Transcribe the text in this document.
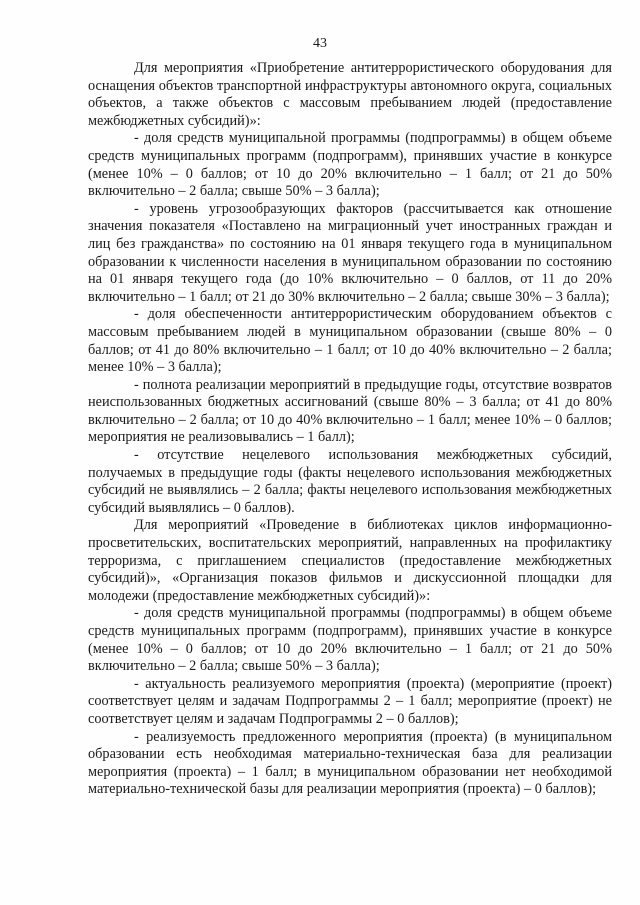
43

Для мероприятия «Приобретение антитеррористического оборудования для оснащения объектов транспортной инфраструктуры автономного округа, социальных объектов, а также объектов с массовым пребыванием людей (предоставление межбюджетных субсидий)»:

- доля средств муниципальной программы (подпрограммы) в общем объеме средств муниципальных программ (подпрограмм), принявших участие в конкурсе (менее 10% – 0 баллов; от 10 до 20% включительно – 1 балл; от 21 до 50% включительно – 2 балла; свыше 50% – 3 балла);

- уровень угрозообразующих факторов (рассчитывается как отношение значения показателя «Поставлено на миграционный учет иностранных граждан и лиц без гражданства» по состоянию на 01 января текущего года в муниципальном образовании к численности населения в муниципальном образовании по состоянию на 01 января текущего года (до 10% включительно – 0 баллов, от 11 до 20% включительно – 1 балл; от 21 до 30% включительно – 2 балла; свыше 30% – 3 балла);

- доля обеспеченности антитеррористическим оборудованием объектов с массовым пребыванием людей в муниципальном образовании (свыше 80% – 0 баллов; от 41 до 80% включительно – 1 балл; от 10 до 40% включительно – 2 балла; менее 10% – 3 балла);

- полнота реализации мероприятий в предыдущие годы, отсутствие возвратов неиспользованных бюджетных ассигнований (свыше 80% – 3 балла; от 41 до 80% включительно – 2 балла; от 10 до 40% включительно – 1 балл; менее 10% – 0 баллов; мероприятия не реализовывались – 1 балл);

- отсутствие нецелевого использования межбюджетных субсидий, получаемых в предыдущие годы (факты нецелевого использования межбюджетных субсидий не выявлялись – 2 балла; факты нецелевого использования межбюджетных субсидий выявлялись – 0 баллов).

Для мероприятий «Проведение в библиотеках циклов информационно-просветительских, воспитательских мероприятий, направленных на профилактику терроризма, с приглашением специалистов (предоставление межбюджетных субсидий)», «Организация показов фильмов и дискуссионной площадки для молодежи (предоставление межбюджетных субсидий)»:

- доля средств муниципальной программы (подпрограммы) в общем объеме средств муниципальных программ (подпрограмм), принявших участие в конкурсе (менее 10% – 0 баллов; от 10 до 20% включительно – 1 балл; от 21 до 50% включительно – 2 балла; свыше 50% – 3 балла);

- актуальность реализуемого мероприятия (проекта) (мероприятие (проект) соответствует целям и задачам Подпрограммы 2 – 1 балл; мероприятие (проект) не соответствует целям и задачам Подпрограммы 2 – 0 баллов);

- реализуемость предложенного мероприятия (проекта) (в муниципальном образовании есть необходимая материально-техническая база для реализации мероприятия (проекта) – 1 балл; в муниципальном образовании нет необходимой материально-технической базы для реализации мероприятия (проекта) – 0 баллов);
